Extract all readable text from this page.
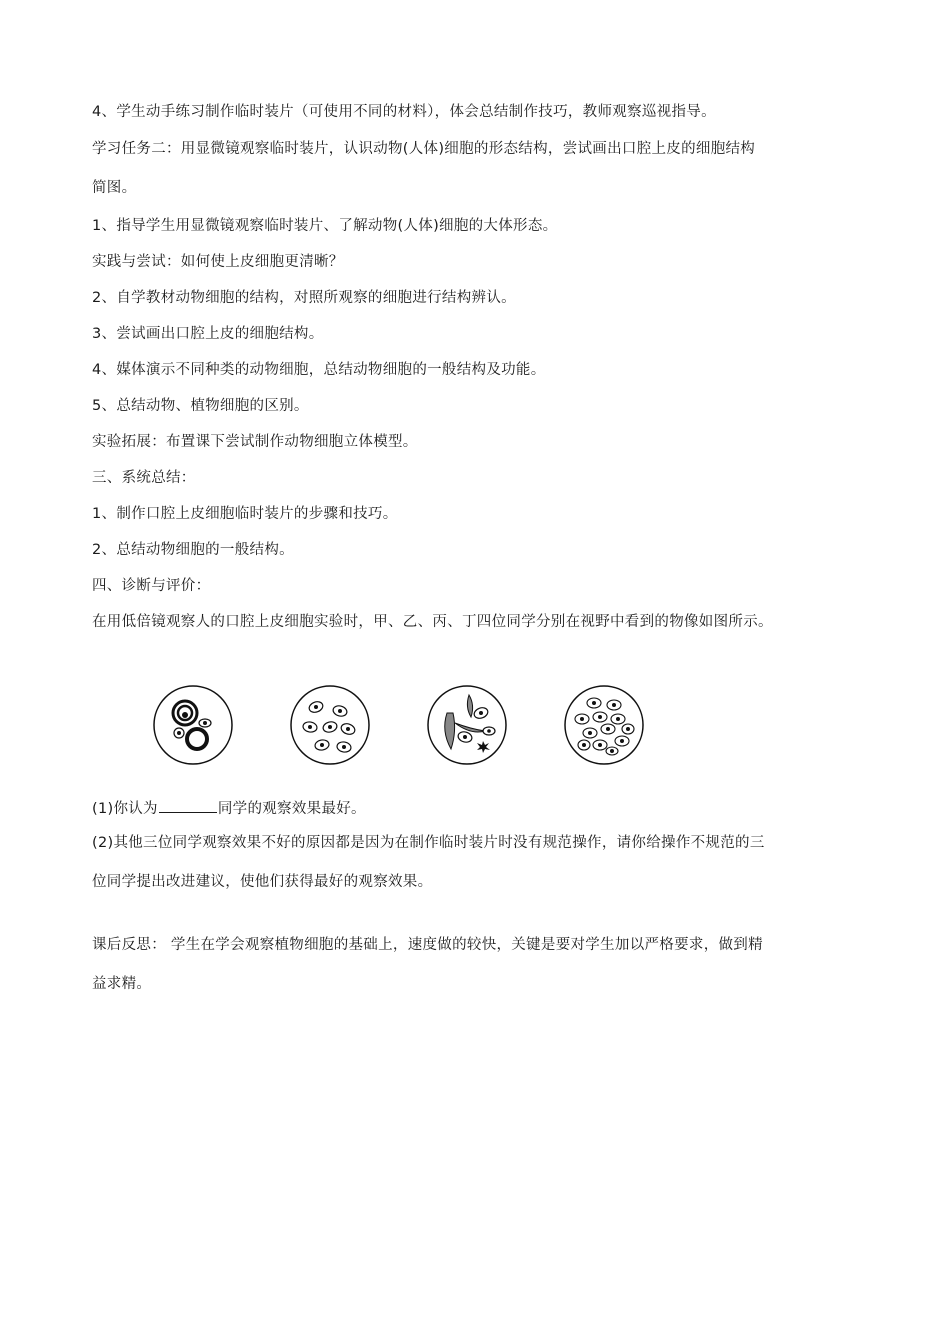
4、学生动手练习制作临时装片（可使用不同的材料），体会总结制作技巧，教师观察巡视指导。
学习任务二：用显微镜观察临时装片，认识动物(人体)细胞的形态结构，尝试画出口腔上皮的细胞结构
简图。
1、指导学生用显微镜观察临时装片、了解动物(人体)细胞的大体形态。
实践与尝试：如何使上皮细胞更清晰？
2、自学教材动物细胞的结构，对照所观察的细胞进行结构辨认。
3、尝试画出口腔上皮的细胞结构。
4、媒体演示不同种类的动物细胞，总结动物细胞的一般结构及功能。
5、总结动物、植物细胞的区别。
实验拓展：布置课下尝试制作动物细胞立体模型。
三、系统总结：
1、制作口腔上皮细胞临时装片的步骤和技巧。
2、总结动物细胞的一般结构。
四、诊断与评价：
在用低倍镜观察人的口腔上皮细胞实验时，甲、乙、丙、丁四位同学分别在视野中看到的物像如图所示。
(1)你认为	同学的观察效果最好。
(2)其他三位同学观察效果不好的原因都是因为在制作临时装片时没有规范操作，请你给操作不规范的三
位同学提出改进建议，使他们获得最好的观察效果。
课后反思： 学生在学会观察植物细胞的基础上，速度做的较快，关键是要对学生加以严格要求，做到精
益求精。
